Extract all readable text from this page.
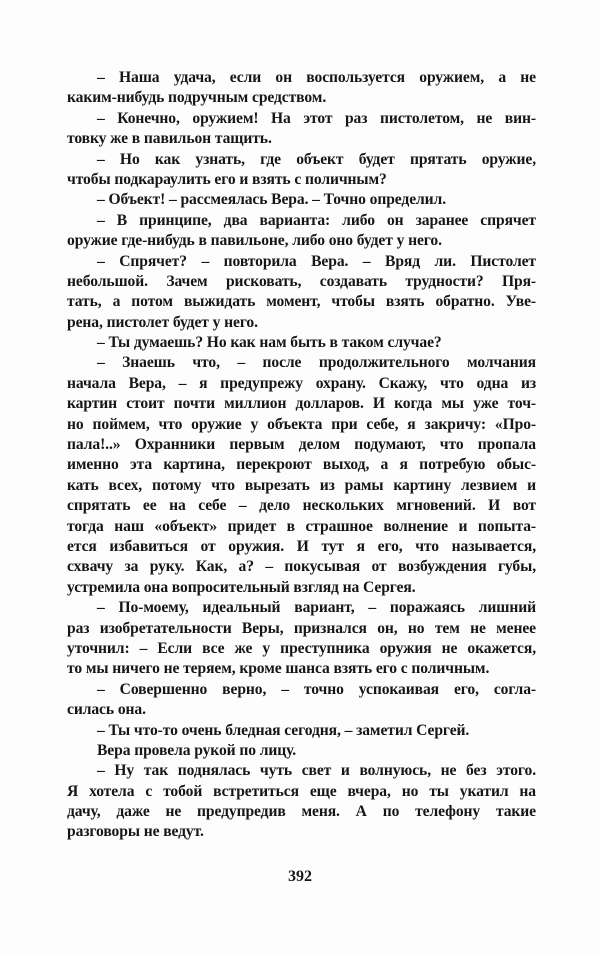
– Наша удача, если он воспользуется оружием, а не
каким-нибудь подручным средством.
– Конечно, оружием! На этот раз пистолетом, не вин-
товку же в павильон тащить.
– Но как узнать, где объект будет прятать оружие,
чтобы подкараулить его и взять с поличным?
– Объект! – рассмеялась Вера. – Точно определил.
– В принципе, два варианта: либо он заранее спрячет
оружие где-нибудь в павильоне, либо оно будет у него.
– Спрячет? – повторила Вера. – Вряд ли. Пистолет
небольшой. Зачем рисковать, создавать трудности? Пря-
тать, а потом выжидать момент, чтобы взять обратно. Уве-
рена, пистолет будет у него.
– Ты думаешь? Но как нам быть в таком случае?
– Знаешь что, – после продолжительного молчания
начала Вера, – я предупрежу охрану. Скажу, что одна из
картин стоит почти миллион долларов. И когда мы уже точ-
но поймем, что оружие у объекта при себе, я закричу: «Про-
пала!..» Охранники первым делом подумают, что пропала
именно эта картина, перекроют выход, а я потребую обыс-
кать всех, потому что вырезать из рамы картину лезвием и
спрятать ее на себе – дело нескольких мгновений. И вот
тогда наш «объект» придет в страшное волнение и попыта-
ется избавиться от оружия. И тут я его, что называется,
схвачу за руку. Как, а? – покусывая от возбуждения губы,
устремила она вопросительный взгляд на Сергея.
– По-моему, идеальный вариант, – поражаясь лишний
раз изобретательности Веры, признался он, но тем не менее
уточнил: – Если все же у преступника оружия не окажется,
то мы ничего не теряем, кроме шанса взять его с поличным.
– Совершенно верно, – точно успокаивая его, согла-
силась она.
– Ты что-то очень бледная сегодня, – заметил Сергей.
Вера провела рукой по лицу.
– Ну так поднялась чуть свет и волнуюсь, не без этого.
Я хотела с тобой встретиться еще вчера, но ты укатил на
дачу, даже не предупредив меня. А по телефону такие
разговоры не ведут.
392
